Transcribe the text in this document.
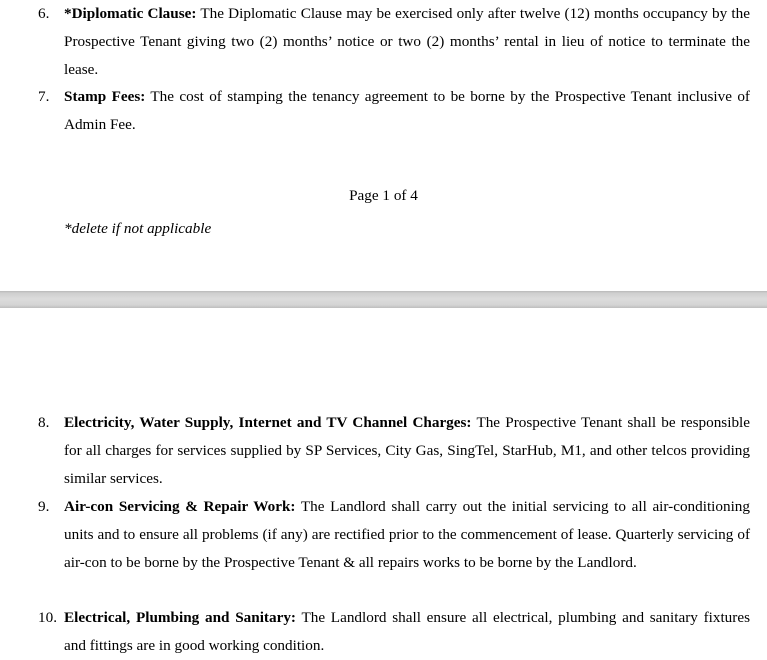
6. *Diplomatic Clause: The Diplomatic Clause may be exercised only after twelve (12) months occupancy by the Prospective Tenant giving two (2) months’ notice or two (2) months’ rental in lieu of notice to terminate the lease.
7. Stamp Fees: The cost of stamping the tenancy agreement to be borne by the Prospective Tenant inclusive of Admin Fee.
Page 1 of 4
*delete if not applicable
8. Electricity, Water Supply, Internet and TV Channel Charges: The Prospective Tenant shall be responsible for all charges for services supplied by SP Services, City Gas, SingTel, StarHub, M1, and other telcos providing similar services.
9. Air-con Servicing & Repair Work: The Landlord shall carry out the initial servicing to all air-conditioning units and to ensure all problems (if any) are rectified prior to the commencement of lease. Quarterly servicing of air-con to be borne by the Prospective Tenant & all repairs works to be borne by the Landlord.
10. Electrical, Plumbing and Sanitary: The Landlord shall ensure all electrical, plumbing and sanitary fixtures and fittings are in good working condition.
